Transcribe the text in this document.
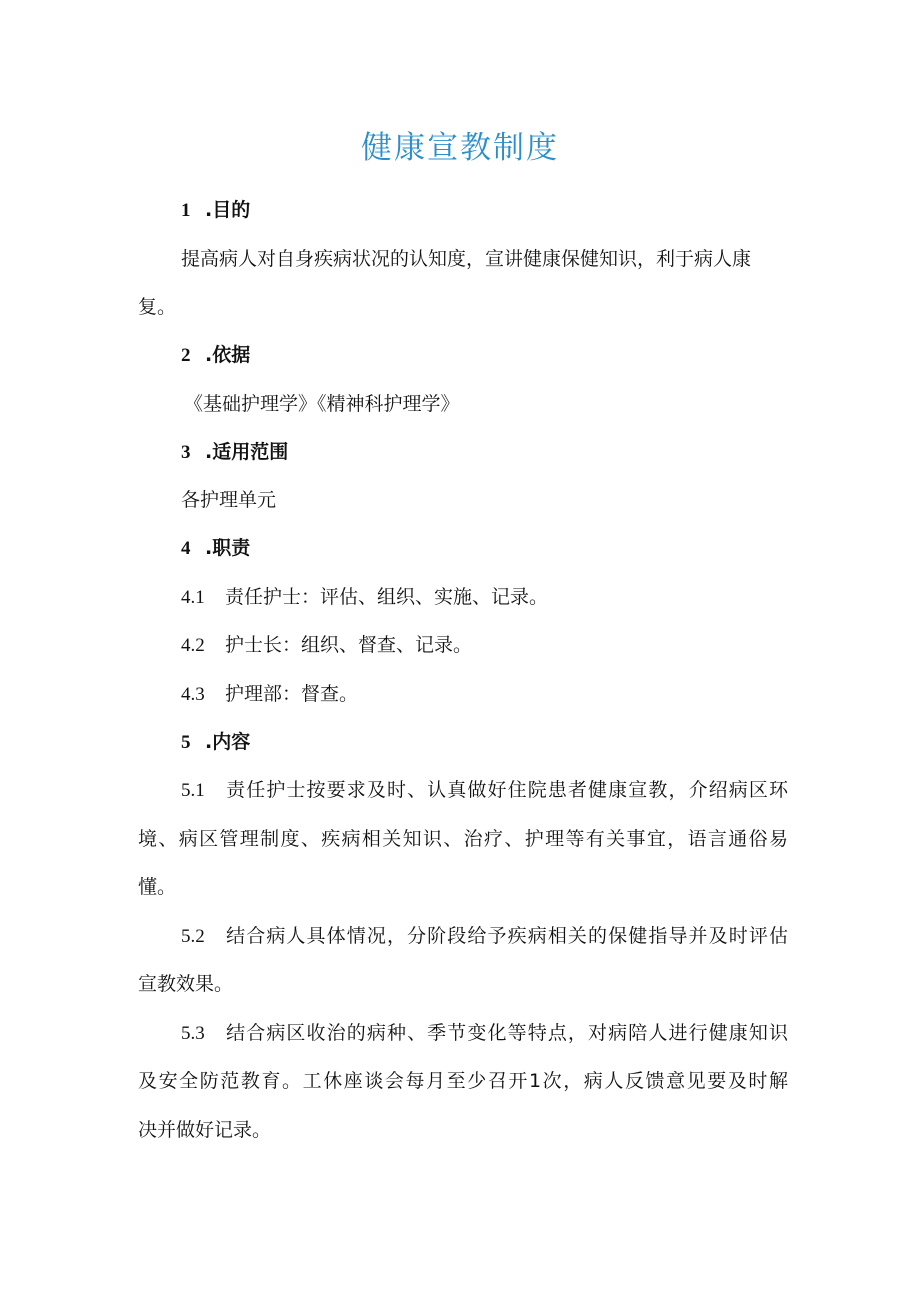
健康宣教制度
1 .目的
提高病人对自身疾病状况的认知度，宣讲健康保健知识，利于病人康
复。
2 .依据
《基础护理学》《精神科护理学》
3 .适用范围
各护理单元
4 .职责
4.1 责任护士：评估、组织、实施、记录。
4.2 护士长：组织、督查、记录。
4.3 护理部：督查。
5 .内容
5.1 责任护士按要求及时、认真做好住院患者健康宣教，介绍病区环
境、病区管理制度、疾病相关知识、治疗、护理等有关事宜，语言通俗易
懂。
5.2 结合病人具体情况，分阶段给予疾病相关的保健指导并及时评估
宣教效果。
5.3 结合病区收治的病种、季节变化等特点，对病陪人进行健康知识
及安全防范教育。工休座谈会每月至少召开1次，病人反馈意见要及时解
决并做好记录。
